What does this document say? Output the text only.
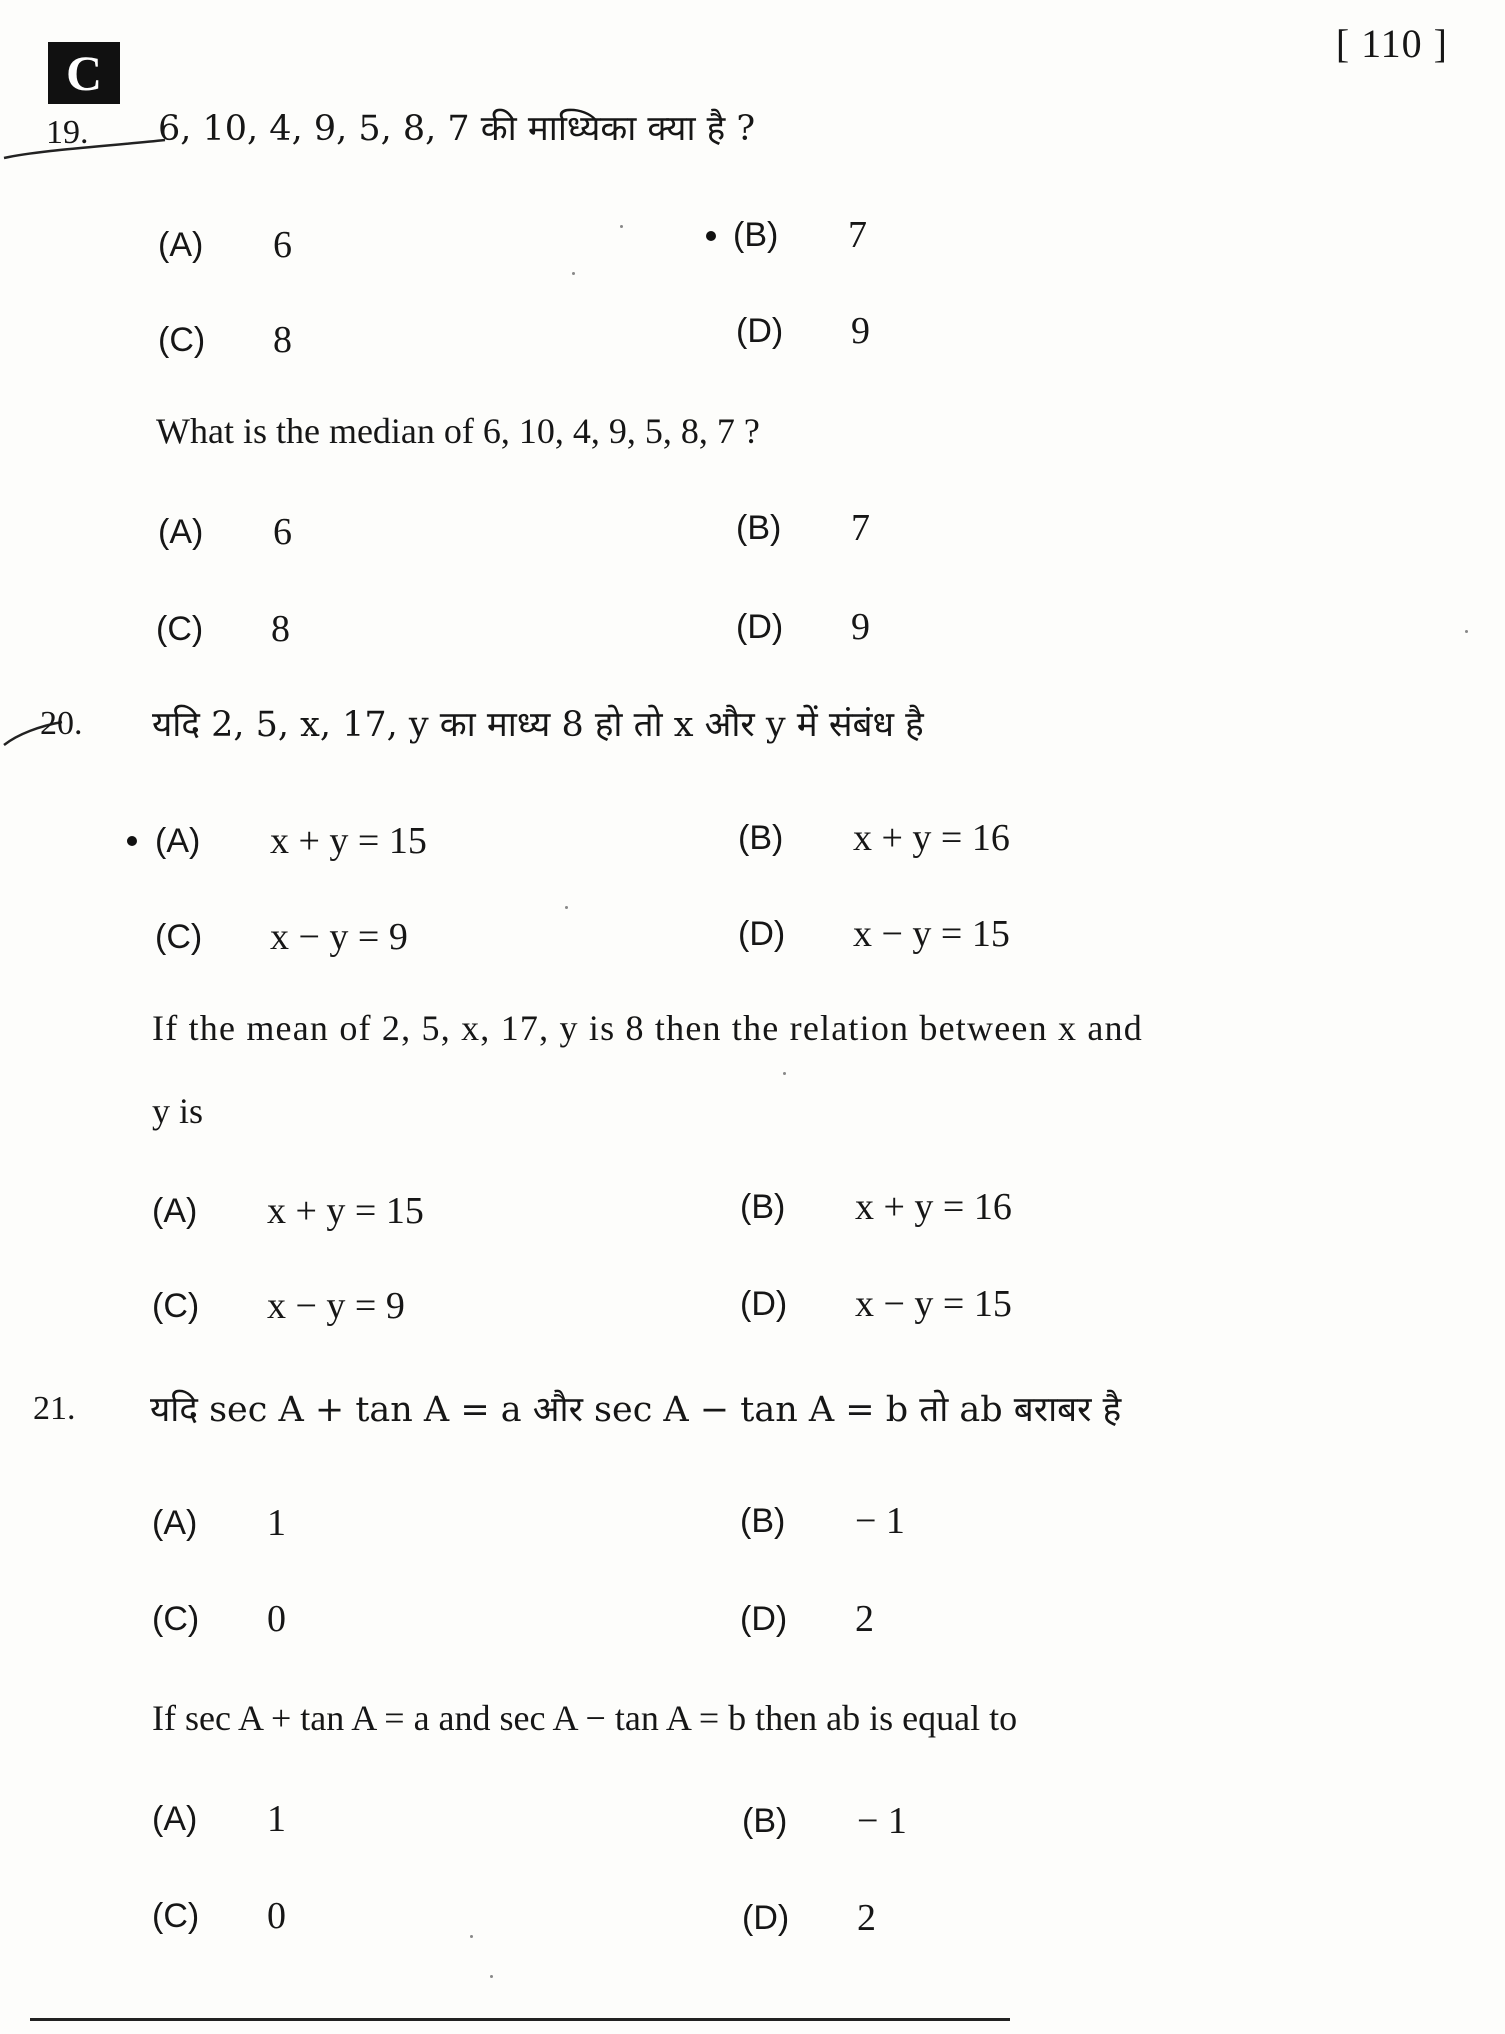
C
[ 110 ]
19. 6, 10, 4, 9, 5, 8, 7 की माध्यिका क्या है ?
(A)	6	(B)	7
(C)	8	(D)	9
What is the median of 6, 10, 4, 9, 5, 8, 7 ?
(A)	6	(B)	7
(C)	8	(D)	9
20. यदि 2, 5, x, 17, y का माध्य 8 हो तो x और y में संबंध है
(A)	x + y = 15	(B)	x + y = 16
(C)	x − y = 9	(D)	x − y = 15
If the mean of 2, 5, x, 17, y is 8 then the relation between x and
y is
(A)	x + y = 15	(B)	x + y = 16
(C)	x − y = 9	(D)	x − y = 15
21. यदि sec A + tan A = a और sec A − tan A = b तो ab बराबर है
(A)	1	(B)	− 1
(C)	0	(D)	2
If sec A + tan A = a and sec A − tan A = b then ab is equal to
(A)	1	(B)	− 1
(C)	0	(D)	2
